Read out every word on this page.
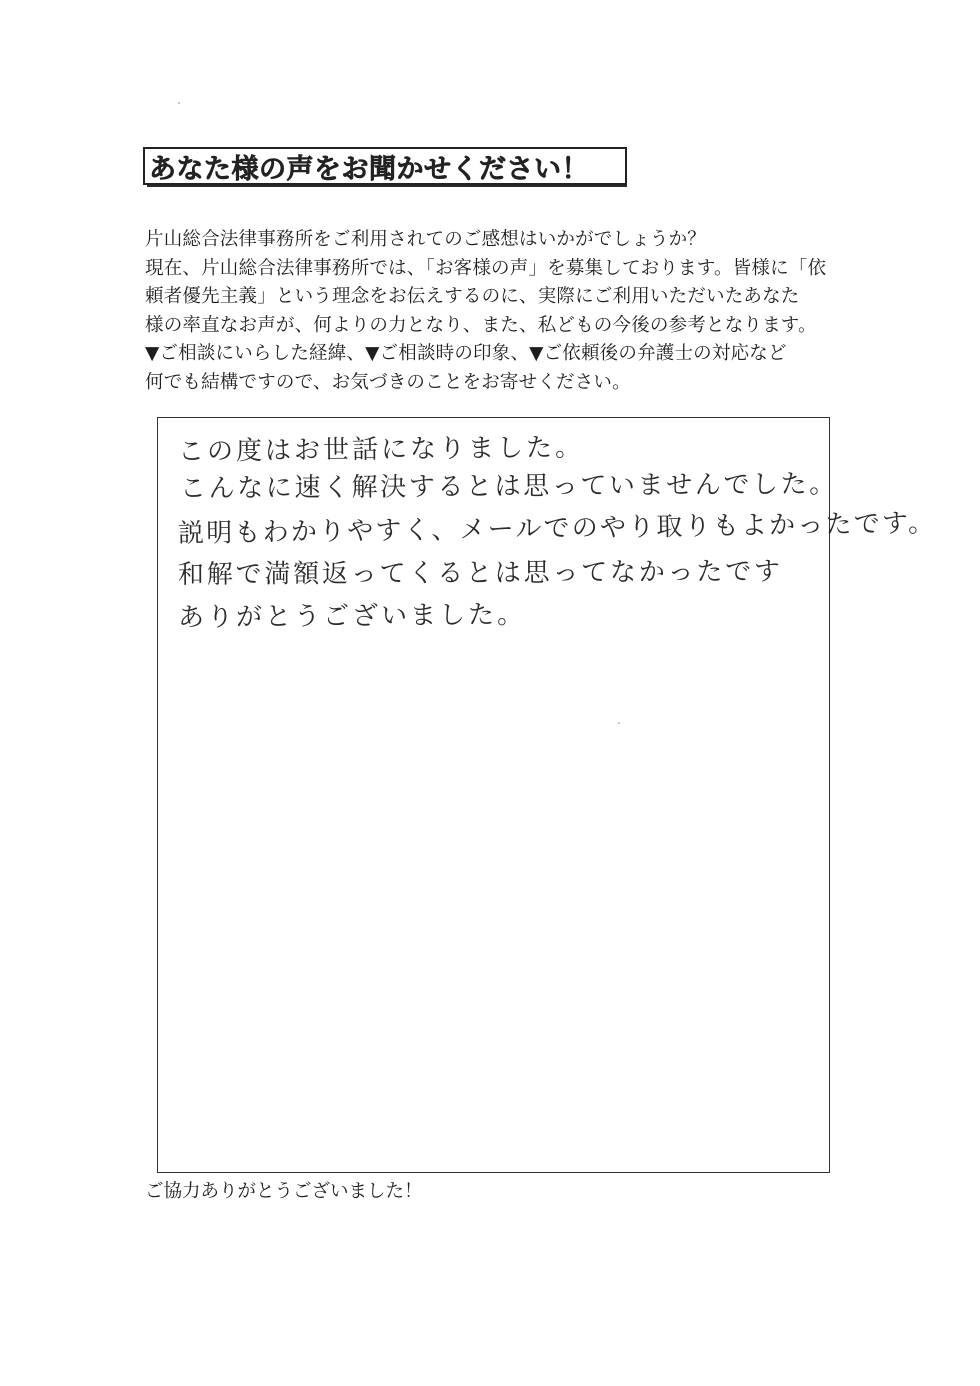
あなた様の声をお聞かせください！
片山総合法律事務所をご利用されてのご感想はいかがでしょうか？
現在、片山総合法律事務所では、「お客様の声」を募集しております。皆様に「依
頼者優先主義」という理念をお伝えするのに、実際にご利用いただいたあなた
様の率直なお声が、何よりの力となり、また、私どもの今後の参考となります。
▼ご相談にいらした経緯、▼ご相談時の印象、▼ご依頼後の弁護士の対応など
何でも結構ですので、お気づきのことをお寄せください。
この度はお世話になりました。
こんなに速く解決するとは思っていませんでした。
説明もわかりやすく、メールでのやり取りもよかったです。
和解で満額返ってくるとは思ってなかったです
ありがとうございました。
ご協力ありがとうございました！
